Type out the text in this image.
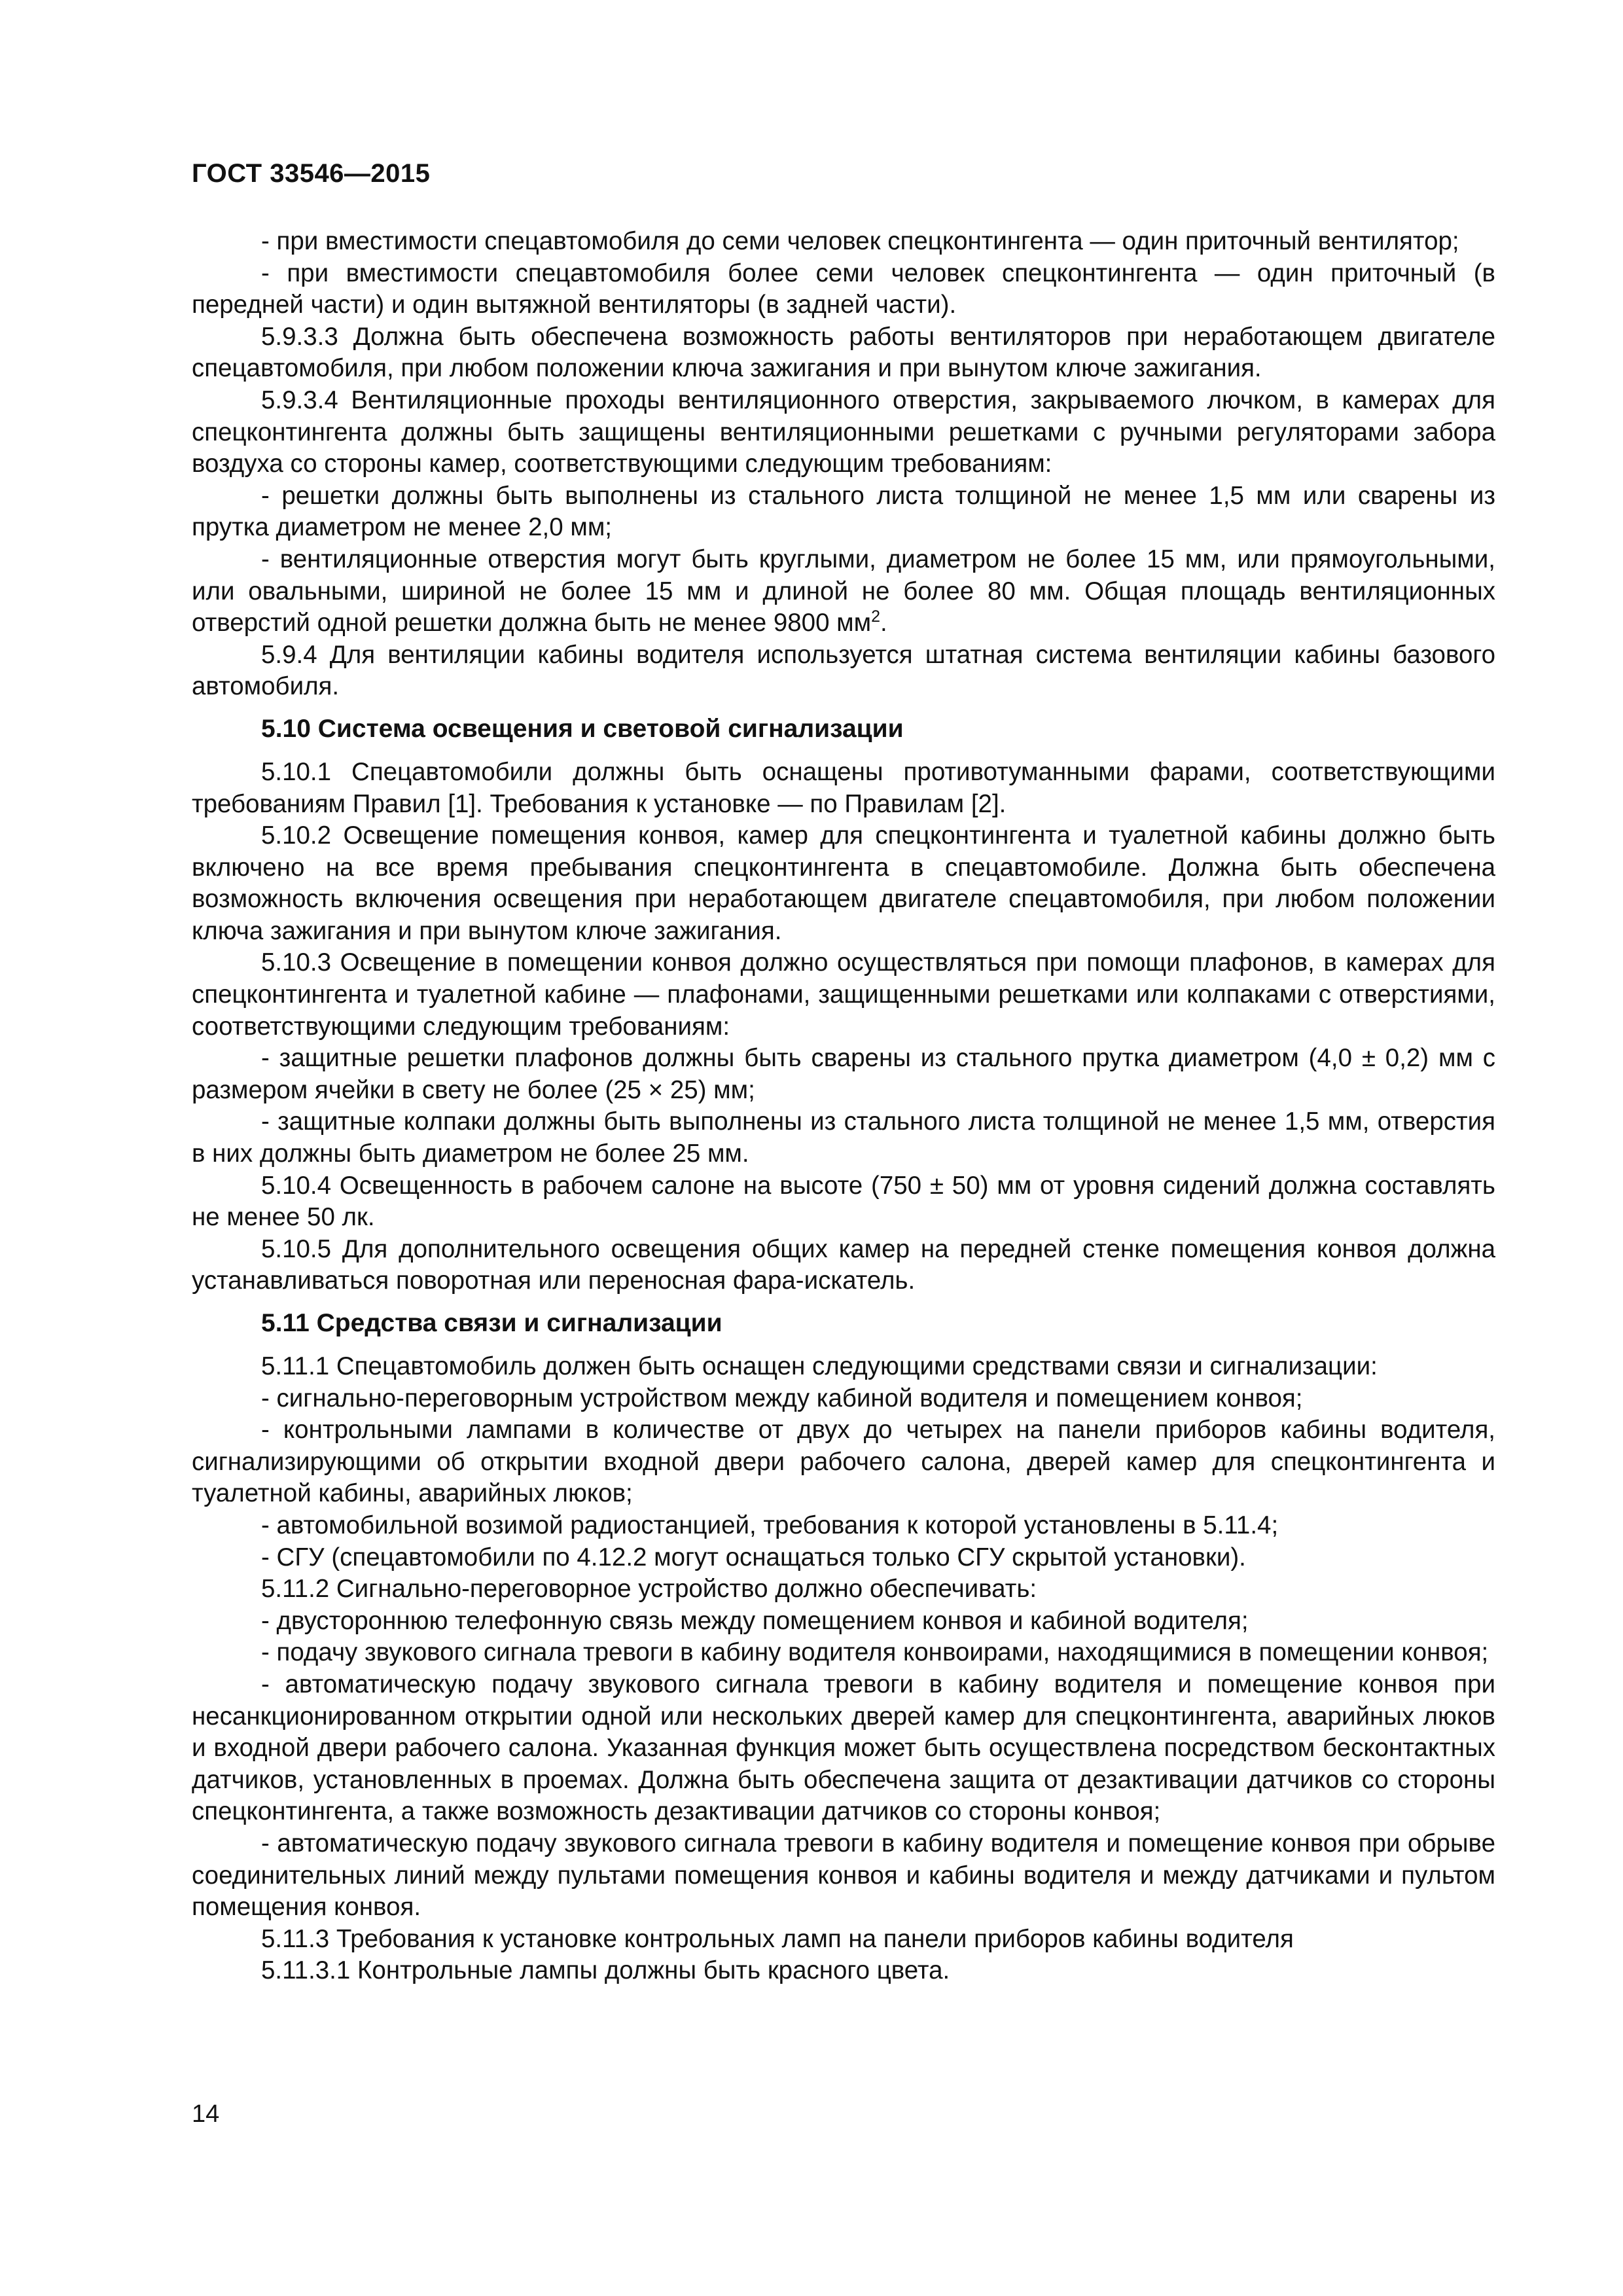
ГОСТ 33546—2015

- при вместимости спецавтомобиля до семи человек спецконтингента — один приточный вентилятор;

- при вместимости спецавтомобиля более семи человек спецконтингента — один приточный (в передней части) и один вытяжной вентиляторы (в задней части).

5.9.3.3 Должна быть обеспечена возможность работы вентиляторов при неработающем двигателе спецавтомобиля, при любом положении ключа зажигания и при вынутом ключе зажигания.

5.9.3.4 Вентиляционные проходы вентиляционного отверстия, закрываемого лючком, в камерах для спецконтингента должны быть защищены вентиляционными решетками с ручными регуляторами забора воздуха со стороны камер, соответствующими следующим требованиям:

- решетки должны быть выполнены из стального листа толщиной не менее 1,5 мм или сварены из прутка диаметром не менее 2,0 мм;

- вентиляционные отверстия могут быть круглыми, диаметром не более 15 мм, или прямоугольными, или овальными, шириной не более 15 мм и длиной не более 80 мм. Общая площадь вентиляционных отверстий одной решетки должна быть не менее 9800 $мм^2$.

5.9.4 Для вентиляции кабины водителя используется штатная система вентиляции кабины базового автомобиля.

5.10 Система освещения и световой сигнализации

5.10.1 Спецавтомобили должны быть оснащены противотуманными фарами, соответствующими требованиям Правил [1]. Требования к установке — по Правилам [2].

5.10.2 Освещение помещения конвоя, камер для спецконтингента и туалетной кабины должно быть включено на все время пребывания спецконтингента в спецавтомобиле. Должна быть обеспечена возможность включения освещения при неработающем двигателе спецавтомобиля, при любом положении ключа зажигания и при вынутом ключе зажигания.

5.10.3 Освещение в помещении конвоя должно осуществляться при помощи плафонов, в камерах для спецконтингента и туалетной кабине — плафонами, защищенными решетками или колпаками с отверстиями, соответствующими следующим требованиям:

- защитные решетки плафонов должны быть сварены из стального прутка диаметром (4,0 ± 0,2) мм с размером ячейки в свету не более (25 × 25) мм;

- защитные колпаки должны быть выполнены из стального листа толщиной не менее 1,5 мм, отверстия в них должны быть диаметром не более 25 мм.

5.10.4 Освещенность в рабочем салоне на высоте (750 ± 50) мм от уровня сидений должна составлять не менее 50 лк.

5.10.5 Для дополнительного освещения общих камер на передней стенке помещения конвоя должна устанавливаться поворотная или переносная фара-искатель.

5.11 Средства связи и сигнализации

5.11.1 Спецавтомобиль должен быть оснащен следующими средствами связи и сигнализации:

- сигнально-переговорным устройством между кабиной водителя и помещением конвоя;

- контрольными лампами в количестве от двух до четырех на панели приборов кабины водителя, сигнализирующими об открытии входной двери рабочего салона, дверей камер для спецконтингента и туалетной кабины, аварийных люков;

- автомобильной возимой радиостанцией, требования к которой установлены в 5.11.4;

- СГУ (спецавтомобили по 4.12.2 могут оснащаться только СГУ скрытой установки).

5.11.2 Сигнально-переговорное устройство должно обеспечивать:

- двустороннюю телефонную связь между помещением конвоя и кабиной водителя;

- подачу звукового сигнала тревоги в кабину водителя конвоирами, находящимися в помещении конвоя;

- автоматическую подачу звукового сигнала тревоги в кабину водителя и помещение конвоя при несанкционированном открытии одной или нескольких дверей камер для спецконтингента, аварийных люков и входной двери рабочего салона. Указанная функция может быть осуществлена посредством бесконтактных датчиков, установленных в проемах. Должна быть обеспечена защита от дезактивации датчиков со стороны спецконтингента, а также возможность дезактивации датчиков со стороны конвоя;

- автоматическую подачу звукового сигнала тревоги в кабину водителя и помещение конвоя при обрыве соединительных линий между пультами помещения конвоя и кабины водителя и между датчиками и пультом помещения конвоя.

5.11.3 Требования к установке контрольных ламп на панели приборов кабины водителя

5.11.3.1 Контрольные лампы должны быть красного цвета.

14
